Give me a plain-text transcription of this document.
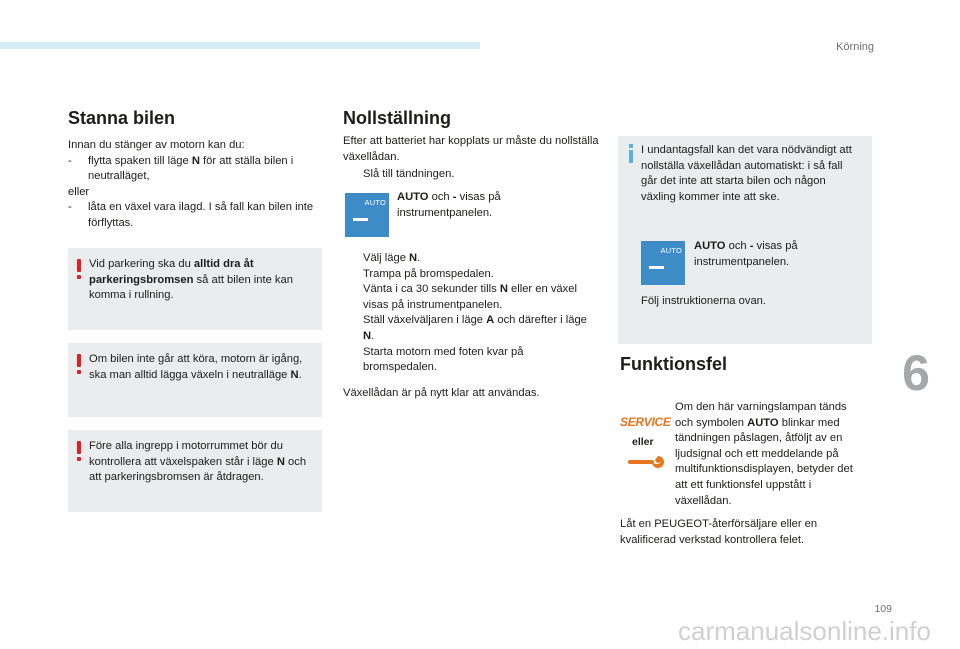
Körning
6
109
carmanualsonline.info
Stanna bilen
Innan du stänger av motorn kan du:
-	flytta spaken till läge N för att ställa bilen i neutralläget,
eller
-	låta en växel vara ilagd. I så fall kan bilen inte förflyttas.
Vid parkering ska du alltid dra åt parkeringsbromsen så att bilen inte kan komma i rullning.
Om bilen inte går att köra, motorn är igång, ska man alltid lägga växeln i neutralläge N.
Före alla ingrepp i motorrummet bör du kontrollera att växelspaken står i läge N och att parkeringsbromsen är åtdragen.
Nollställning
Efter att batteriet har kopplats ur måste du nollställa växellådan.
Slå till tändningen.
AUTO AUTO och - visas på instrumentpanelen.
Välj läge N.
Trampa på bromspedalen.
Vänta i ca 30 sekunder tills N eller en växel visas på instrumentpanelen.
Ställ växelväljaren i läge A och därefter i läge N.
Starta motorn med foten kvar på bromspedalen.
Växellådan är på nytt klar att användas.
I undantagsfall kan det vara nödvändigt att nollställa växellådan automatiskt: i så fall går det inte att starta bilen och någon växling kommer inte att ske.
AUTO AUTO och - visas på instrumentpanelen.
Följ instruktionerna ovan.
Funktionsfel
SERVICE
eller
Om den här varningslampan tänds och symbolen AUTO blinkar med tändningen påslagen, åtföljt av en ljudsignal och ett meddelande på multifunktionsdisplayen, betyder det att ett funktionsfel uppstått i växellådan.
Låt en PEUGEOT-återförsäljare eller en kvalificerad verkstad kontrollera felet.
